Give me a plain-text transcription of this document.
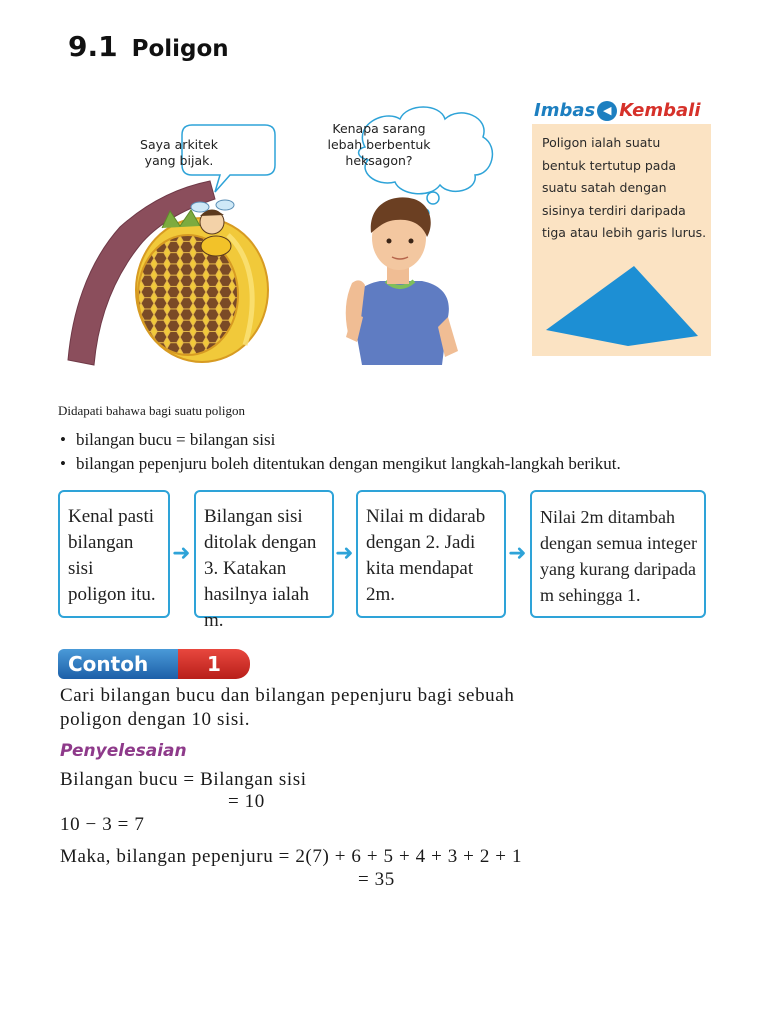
9.1 Poligon
Saya arkitek
yang bijak.
Kenapa sarang
lebah berbentuk
heksagon?
Imbas ◀ Kembali
Poligon ialah suatu
bentuk tertutup pada
suatu satah dengan
sisinya terdiri daripada
tiga atau lebih garis lurus.
Didapati bahawa bagi suatu poligon
• bilangan bucu = bilangan sisi
• bilangan pepenjuru boleh ditentukan dengan mengikut langkah-langkah berikut.
Kenal pasti
bilangan sisi
poligon itu.
➜
Bilangan sisi
ditolak dengan
3. Katakan
hasilnya ialah m.
➜
Nilai m didarab
dengan 2. Jadi
kita mendapat 2m.
➜
Nilai 2m ditambah
dengan semua integer
yang kurang daripada
m sehingga 1.
Contoh	1
Cari bilangan bucu dan bilangan pepenjuru bagi sebuah
poligon dengan 10 sisi.
Penyelesaian
Bilangan bucu = Bilangan sisi
= 10
10 − 3 = 7
Maka, bilangan pepenjuru = 2(7) + 6 + 5 + 4 + 3 + 2 + 1
= 35
